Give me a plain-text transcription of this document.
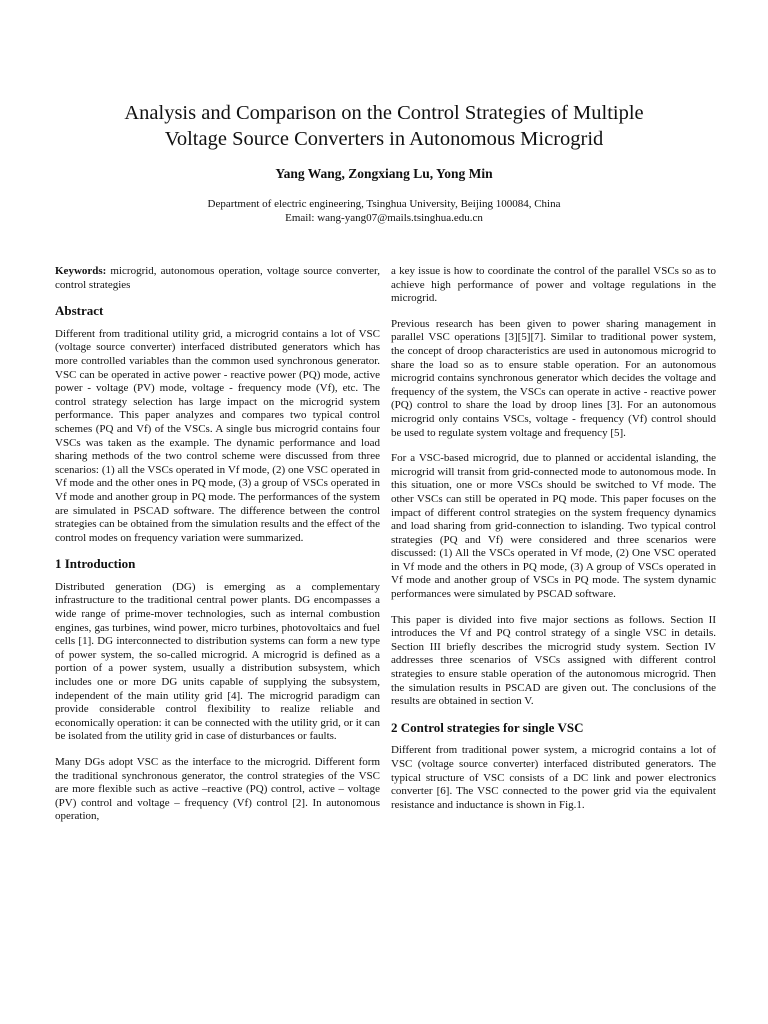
Analysis and Comparison on the Control Strategies of Multiple
Voltage Source Converters in Autonomous Microgrid

Yang Wang, Zongxiang Lu, Yong Min

Department of electric engineering, Tsinghua University, Beijing 100084, China
Email: wang-yang07@mails.tsinghua.edu.cn

Keywords: microgrid, autonomous operation, voltage source converter, control strategies

Abstract

Different from traditional utility grid, a microgrid contains a lot of VSC (voltage source converter) interfaced distributed generators which has more controlled variables than the common used synchronous generator. VSC can be operated in active power - reactive power (PQ) mode, active power - voltage (PV) mode, voltage - frequency mode (Vf), etc. The control strategy selection has large impact on the microgrid system performance. This paper analyzes and compares two typical control schemes (PQ and Vf) of the VSCs. A single bus microgrid contains four VSCs was taken as the example. The dynamic performance and load sharing methods of the two control scheme were discussed from three scenarios: (1) all the VSCs operated in Vf mode, (2) one VSC operated in Vf mode and the other ones in PQ mode, (3) a group of VSCs operated in Vf mode and another group in PQ mode. The performances of the system are simulated in PSCAD software. The difference between the control strategies can be obtained from the simulation results and the effect of the control modes on frequency variation were summarized.

1 Introduction

Distributed generation (DG) is emerging as a complementary infrastructure to the traditional central power plants. DG encompasses a wide range of prime-mover technologies, such as internal combustion engines, gas turbines, wind power, micro turbines, photovoltaics and fuel cells [1]. DG interconnected to distribution systems can form a new type of power system, the so-called microgrid. A microgrid is defined as a portion of a power system, usually a distribution subsystem, which includes one or more DG units capable of supplying the subsystem, independent of the main utility grid [4]. The microgrid paradigm can provide considerable control flexibility to realize reliable and economically operation: it can be connected with the utility grid, or it can be isolated from the utility grid in case of disturbances or faults.

Many DGs adopt VSC as the interface to the microgrid. Different form the traditional synchronous generator, the control strategies of the VSC are more flexible such as active –reactive (PQ) control, active – voltage (PV) control and voltage – frequency (Vf) control [2]. In autonomous operation,

a key issue is how to coordinate the control of the parallel VSCs so as to achieve high performance of power and voltage regulations in the microgrid.

Previous research has been given to power sharing management in parallel VSC operations [3][5][7]. Similar to traditional power system, the concept of droop characteristics are used in autonomous microgrid to share the load so as to ensure stable operation. For an autonomous microgrid contains synchronous generator which decides the voltage and frequency of the system, the VSCs can operate in active - reactive power (PQ) control to share the load by droop lines [3]. For an autonomous microgrid only contains VSCs, voltage - frequency (Vf) control should be used to regulate system voltage and frequency [5].

For a VSC-based microgrid, due to planned or accidental islanding, the microgrid will transit from grid-connected mode to autonomous mode. In this situation, one or more VSCs should be switched to Vf mode. The other VSCs can still be operated in PQ mode. This paper focuses on the impact of different control strategies on the system frequency dynamics and load sharing from grid-connection to islanding. Two typical control strategies (PQ and Vf) were considered and three scenarios were discussed: (1) All the VSCs operated in Vf mode, (2) One VSC operated in Vf mode and the others in PQ mode, (3) A group of VSCs operated in Vf mode and another group of VSCs in PQ mode. The system dynamic performances were simulated by PSCAD software.

This paper is divided into five major sections as follows. Section II introduces the Vf and PQ control strategy of a single VSC in details. Section III briefly describes the microgrid study system. Section IV addresses three scenarios of VSCs assigned with different control strategies to ensure stable operation of the autonomous microgrid. Then the simulation results in PSCAD are given out. The conclusions of the results are obtained in section V.

2 Control strategies for single VSC

Different from traditional power system, a microgrid contains a lot of VSC (voltage source converter) interfaced distributed generators. The typical structure of VSC consists of a DC link and power electronics converter [6]. The VSC connected to the power grid via the equivalent resistance and inductance is shown in Fig.1.
